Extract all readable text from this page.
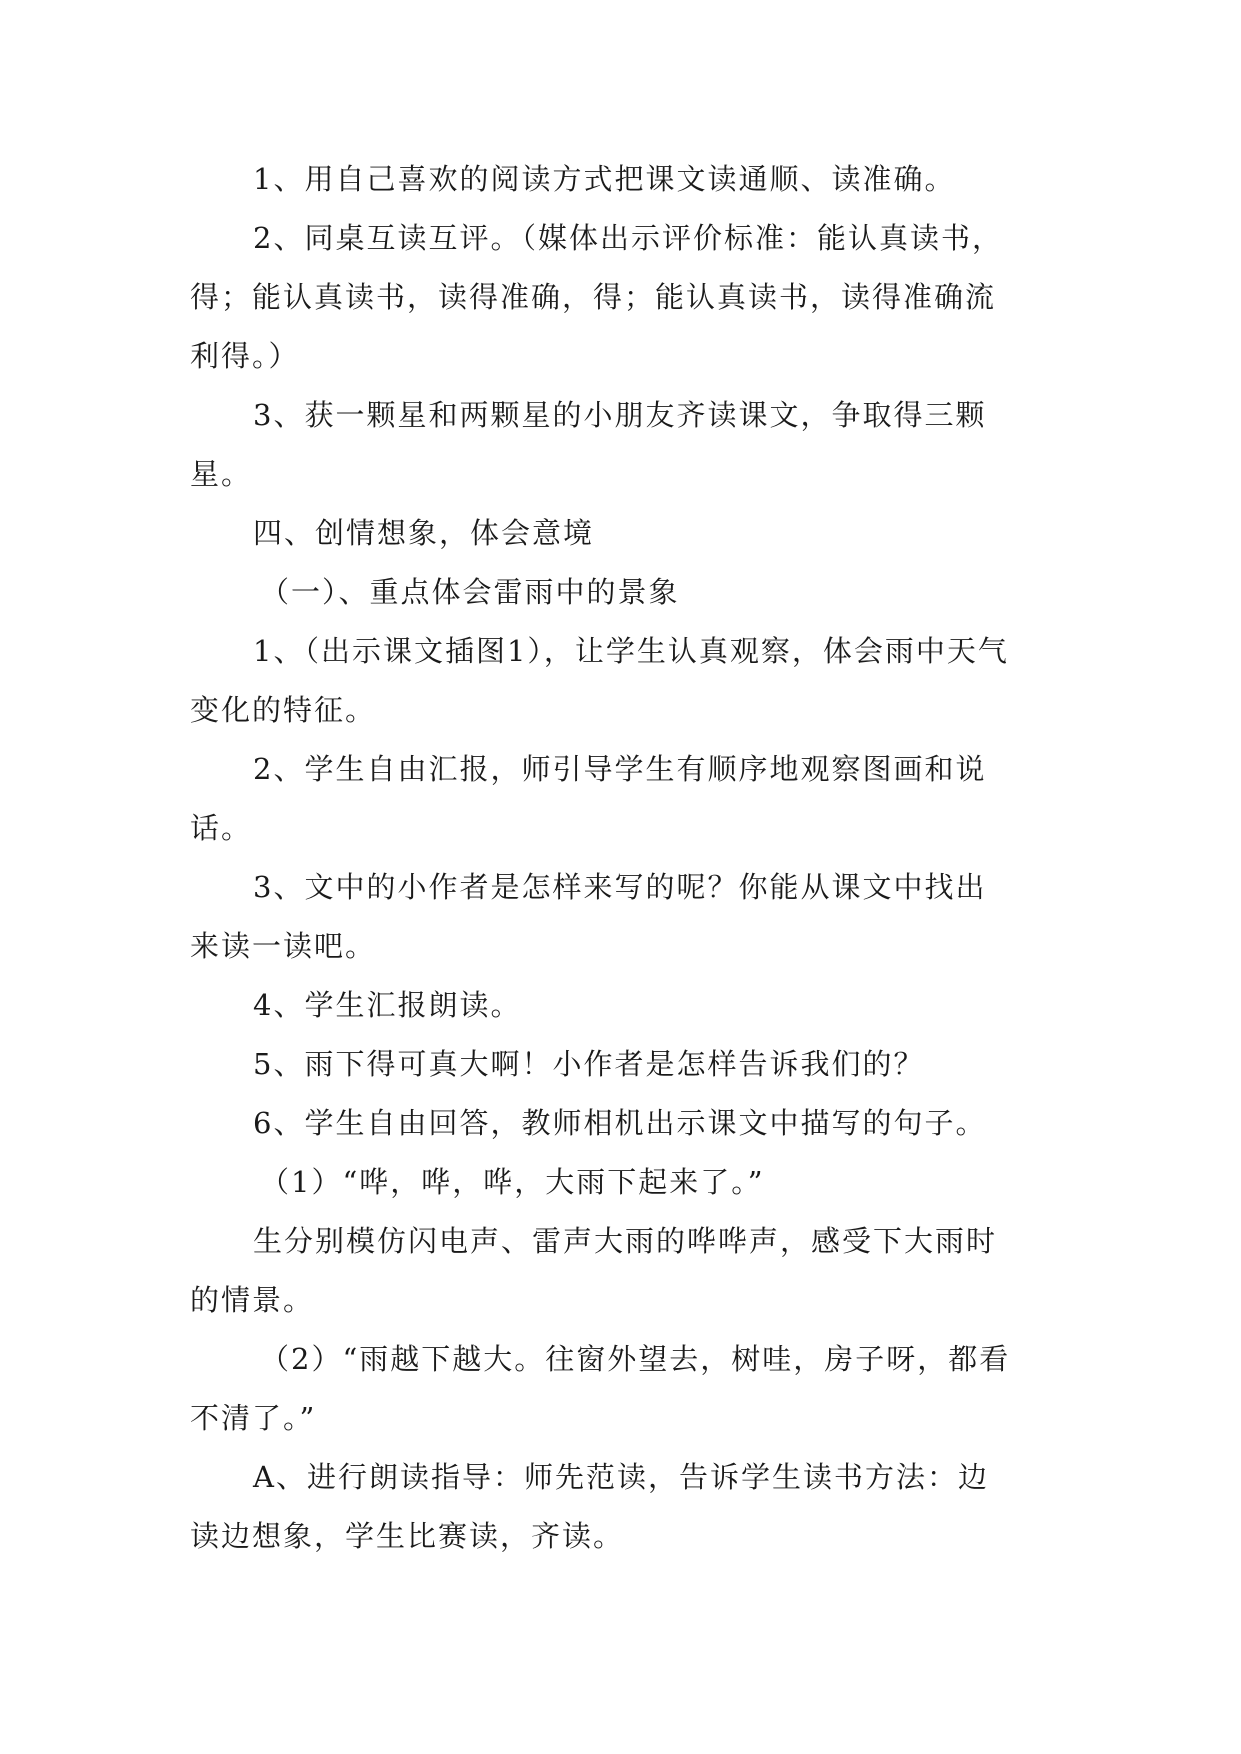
1、用自己喜欢的阅读方式把课文读通顺、读准确。
2、同桌互读互评。（媒体出示评价标准：能认真读书，
得；能认真读书，读得准确，得；能认真读书，读得准确流
利得。）
3、获一颗星和两颗星的小朋友齐读课文，争取得三颗
星。
四、创情想象，体会意境
（一）、重点体会雷雨中的景象
1、（出示课文插图1），让学生认真观察，体会雨中天气
变化的特征。
2、学生自由汇报，师引导学生有顺序地观察图画和说
话。
3、文中的小作者是怎样来写的呢？你能从课文中找出
来读一读吧。
4、学生汇报朗读。
5、雨下得可真大啊！小作者是怎样告诉我们的？
6、学生自由回答，教师相机出示课文中描写的句子。
（1）“哗，哗，哗，大雨下起来了。”
生分别模仿闪电声、雷声大雨的哗哗声，感受下大雨时
的情景。
（2）“雨越下越大。往窗外望去，树哇，房子呀，都看
不清了。”
A、进行朗读指导：师先范读，告诉学生读书方法：边
读边想象，学生比赛读，齐读。
